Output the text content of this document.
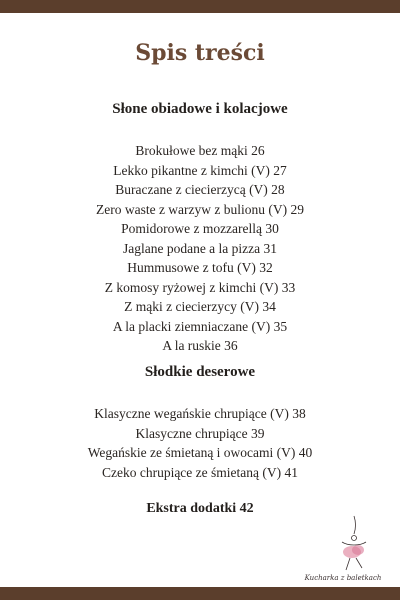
Spis treści
Słone obiadowe i kolacjowe
Brokułowe bez mąki 26
Lekko pikantne z kimchi (V) 27
Buraczane z ciecierzycą (V) 28
Zero waste z warzyw z bulionu (V) 29
Pomidorowe z mozzarellą 30
Jaglane podane a la pizza 31
Hummusowe z tofu (V) 32
Z komosy ryżowej z kimchi (V) 33
Z mąki z ciecierzycy (V) 34
A la placki ziemniaczane (V) 35
A la ruskie 36
Słodkie deserowe
Klasyczne wegańskie chrupiące (V) 38
Klasyczne chrupiące 39
Wegańskie ze śmietaną i owocami (V) 40
Czeko chrupiące ze śmietaną (V) 41
Ekstra dodatki 42
Kucharka z baletkach
